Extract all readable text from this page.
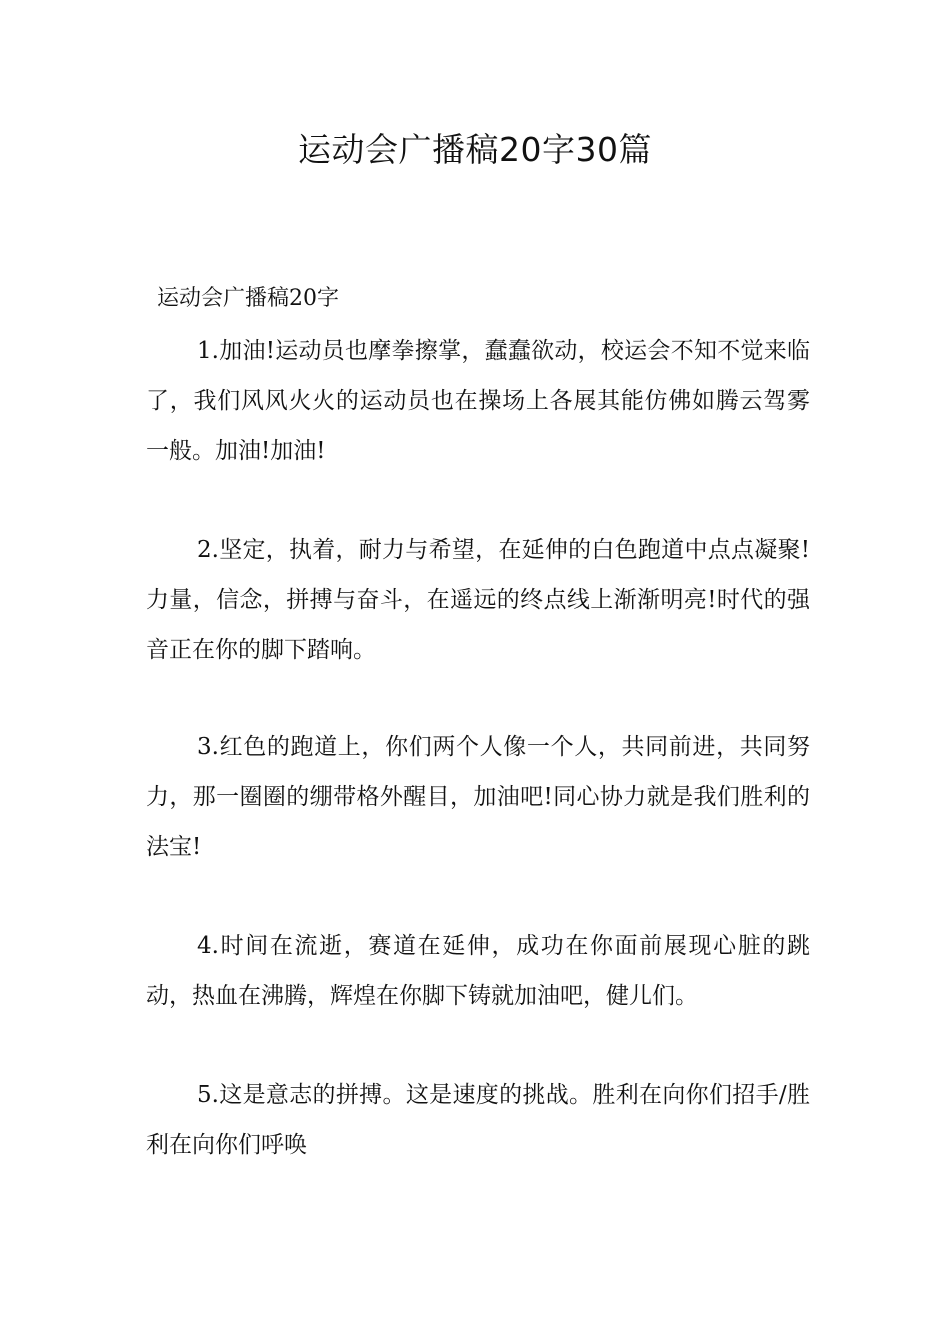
运动会广播稿20字30篇

运动会广播稿20字

1.加油!运动员也摩拳擦掌，蠢蠢欲动，校运会不知不觉来临了，我们风风火火的运动员也在操场上各展其能仿佛如腾云驾雾一般。加油!加油!

2.坚定，执着，耐力与希望，在延伸的白色跑道中点点凝聚!力量，信念，拼搏与奋斗，在遥远的终点线上渐渐明亮!时代的强音正在你的脚下踏响。

3.红色的跑道上，你们两个人像一个人，共同前进，共同努力，那一圈圈的绷带格外醒目，加油吧!同心协力就是我们胜利的法宝!

4.时间在流逝，赛道在延伸，成功在你面前展现心脏的跳动，热血在沸腾，辉煌在你脚下铸就加油吧，健儿们。

5.这是意志的拼搏。这是速度的挑战。胜利在向你们招手/胜利在向你们呼唤
